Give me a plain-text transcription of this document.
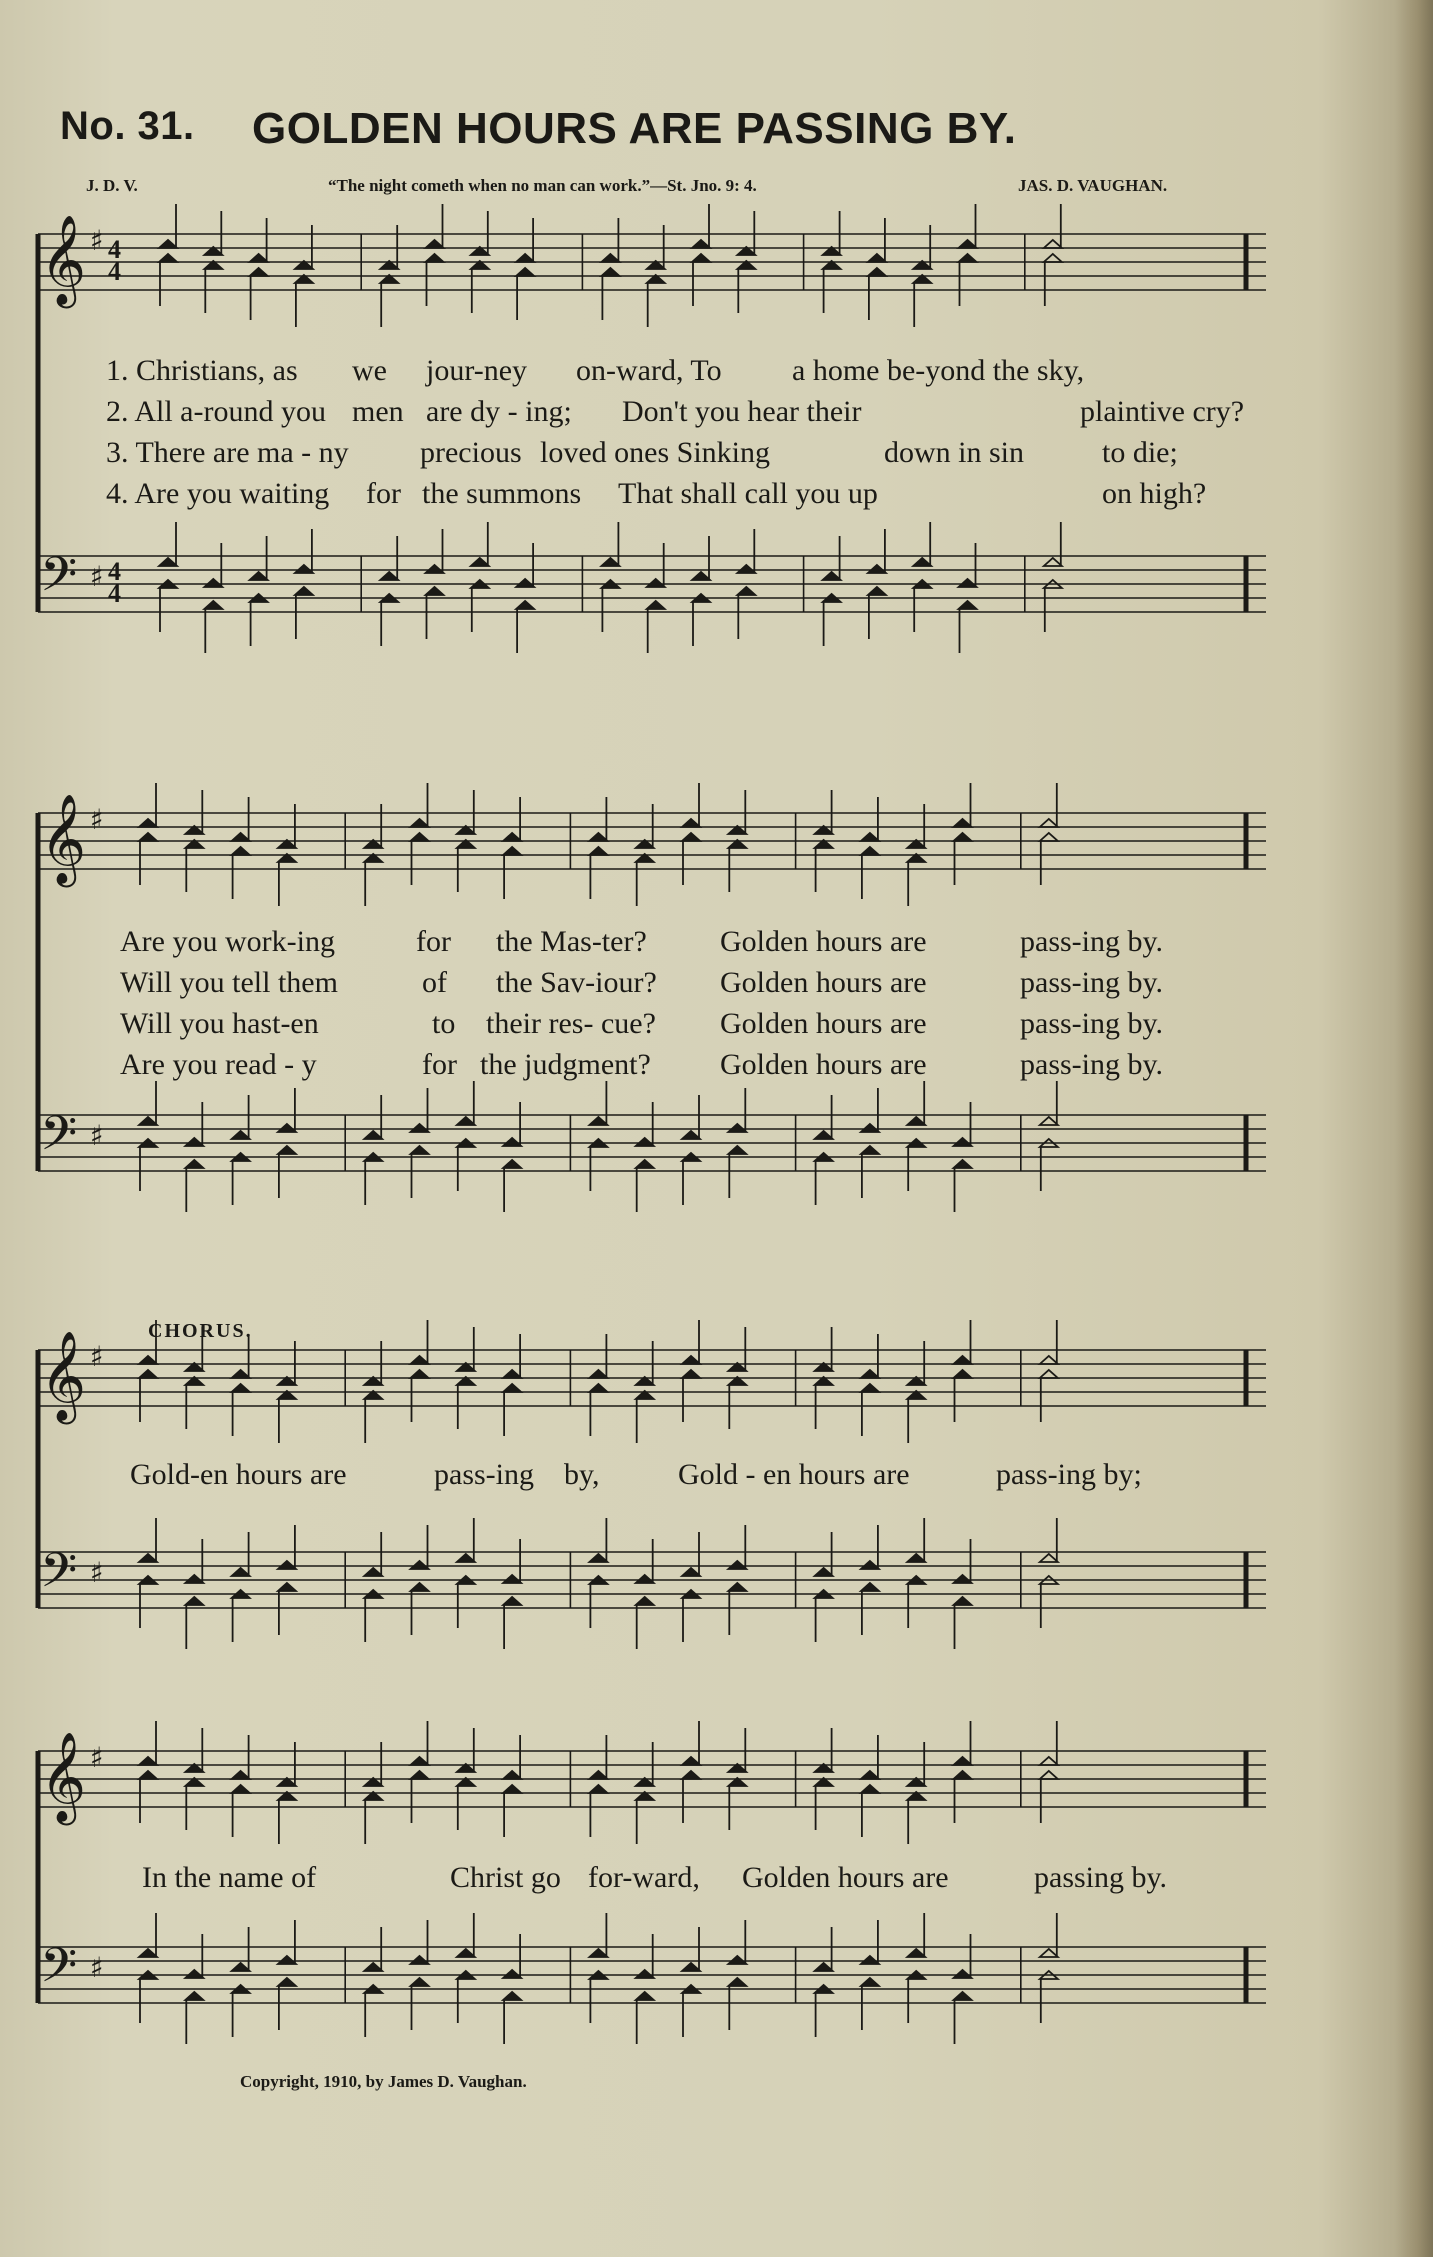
No. 31. GOLDEN HOURS ARE PASSING BY.
J. D. V.	“The night cometh when no man can work.”—St. Jno. 9: 4.	JAS. D. VAUGHAN.
𝄞
𝄢
♯
♯
4
4
4
4
1. Christians, as we jour-ney on-ward, To a home be-yond the sky,
2. All a-round you men are dy - ing; Don't you hear their	plaintive cry?
3. There are ma - ny precious loved ones Sinking	down in sin	to die;
4. Are you waiting for the summons That shall call you up	on high?
𝄞
𝄢
♯
♯
Are you work-ing	for the Mas-ter? Golden hours are	pass-ing by.
Will you tell them	of the Sav-iour? Golden hours are	pass-ing by.
Will you hast-en	to their res- cue? Golden hours are	pass-ing by.
Are you read - y	for the judgment? Golden hours are	pass-ing by.
CHORUS.
𝄞
𝄢
♯
♯
Gold-en hours are	pass-ing by,	Gold - en hours are	pass-ing by;
𝄞
𝄢
♯
♯
In the name of	Christ go for-ward, Golden hours are	passing by.
Copyright, 1910, by James D. Vaughan.
